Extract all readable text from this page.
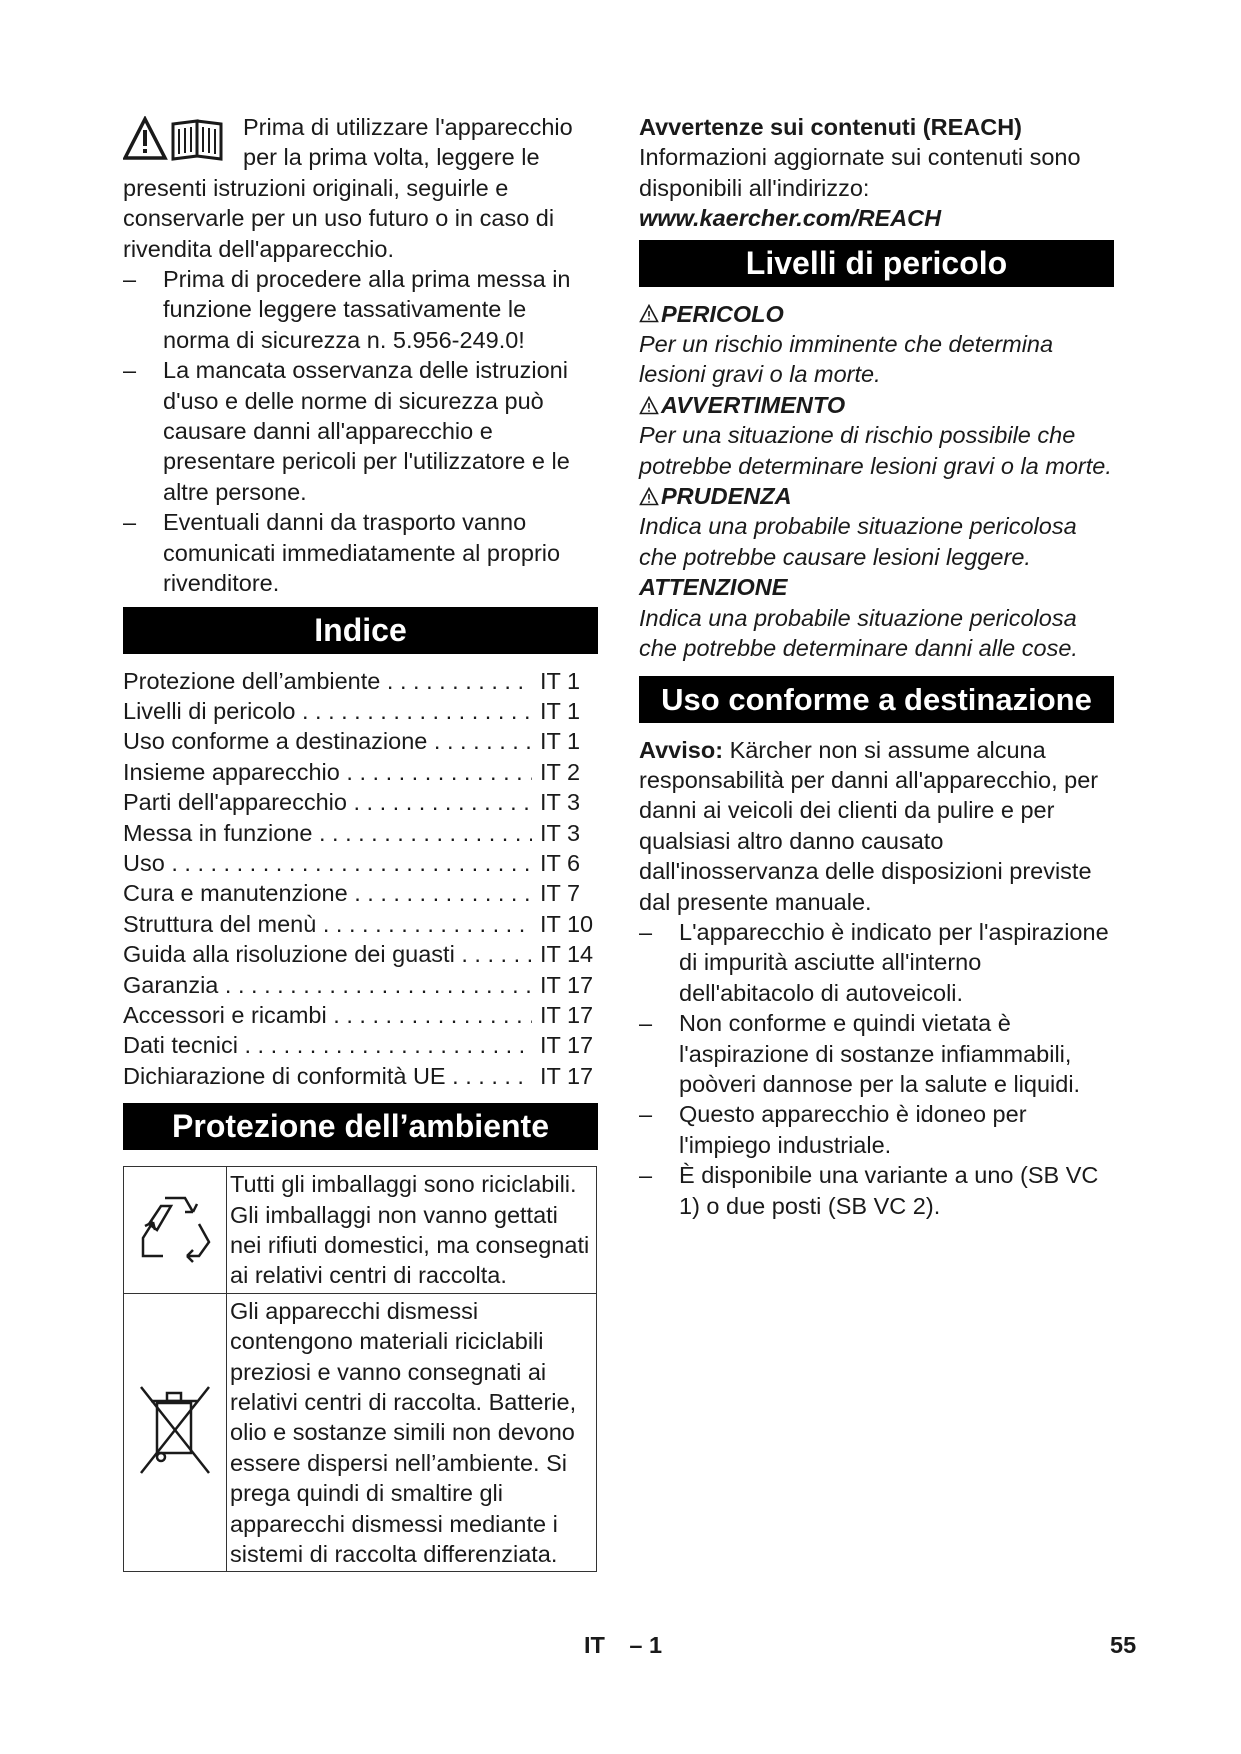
Prima di utilizzare l'apparecchio per la prima volta, leggere le presenti istruzioni originali, seguirle e conservarle per un uso futuro o in caso di rivendita dell'apparecchio.

– Prima di procedere alla prima messa in funzione leggere tassativamente le norma di sicurezza n. 5.956-249.0!

– La mancata osservanza delle istruzioni d'uso e delle norme di sicurezza può causare danni all'apparecchio e presentare pericoli per l'utilizzatore e le altre persone.

– Eventuali danni da trasporto vanno comunicati immediatamente al proprio rivenditore.

Indice
Protezione dell’ambiente . . .	IT 1
Livelli di pericolo . . .	IT 1
Uso conforme a destinazione . . .	IT 1
Insieme apparecchio . . .	IT 2
Parti dell'apparecchio . . .	IT 3
Messa in funzione . . .	IT 3
Uso . . .	IT 6
Cura e manutenzione . . .	IT 7
Struttura del menù . . .	IT 10
Guida alla risoluzione dei guasti . . .	IT 14
Garanzia . . .	IT 17
Accessori e ricambi . . .	IT 17
Dati tecnici . . .	IT 17
Dichiarazione di conformità UE . . .	IT 17
Protezione dell’ambiente
	Tutti gli imballaggi sono riciclabili. Gli imballaggi non vanno gettati nei rifiuti domestici, ma consegnati ai relativi centri di raccolta.
	Gli apparecchi dismessi contengono materiali riciclabili preziosi e vanno consegnati ai relativi centri di raccolta. Batterie, olio e sostanze simili non devono essere dispersi nell’ambiente. Si prega quindi di smaltire gli apparecchi dismessi mediante i sistemi di raccolta differenziata.

Avvertenze sui contenuti (REACH)

Informazioni aggiornate sui contenuti sono disponibili all'indirizzo:

www.kaercher.com/REACH

Livelli di pericolo
PERICOLO

Per un rischio imminente che determina lesioni gravi o la morte.

AVVERTIMENTO

Per una situazione di rischio possibile che potrebbe determinare lesioni gravi o la morte.

PRUDENZA

Indica una probabile situazione pericolosa che potrebbe causare lesioni leggere.

ATTENZIONE

Indica una probabile situazione pericolosa che potrebbe determinare danni alle cose.

Uso conforme a destinazione

Avviso: Kärcher non si assume alcuna responsabilità per danni all'apparecchio, per danni ai veicoli dei clienti da pulire e per qualsiasi altro danno causato dall'inosservanza delle disposizioni previste dal presente manuale.

– L'apparecchio è indicato per l'aspirazione di impurità asciutte all'interno dell'abitacolo di autoveicoli.

– Non conforme e quindi vietata è l'aspirazione di sostanze infiammabili, poòveri dannose per la salute e liquidi.

– Questo apparecchio è idoneo per l'impiego industriale.

– È disponibile una variante a uno (SB VC 1) o due posti (SB VC 2).

IT – 1	55
